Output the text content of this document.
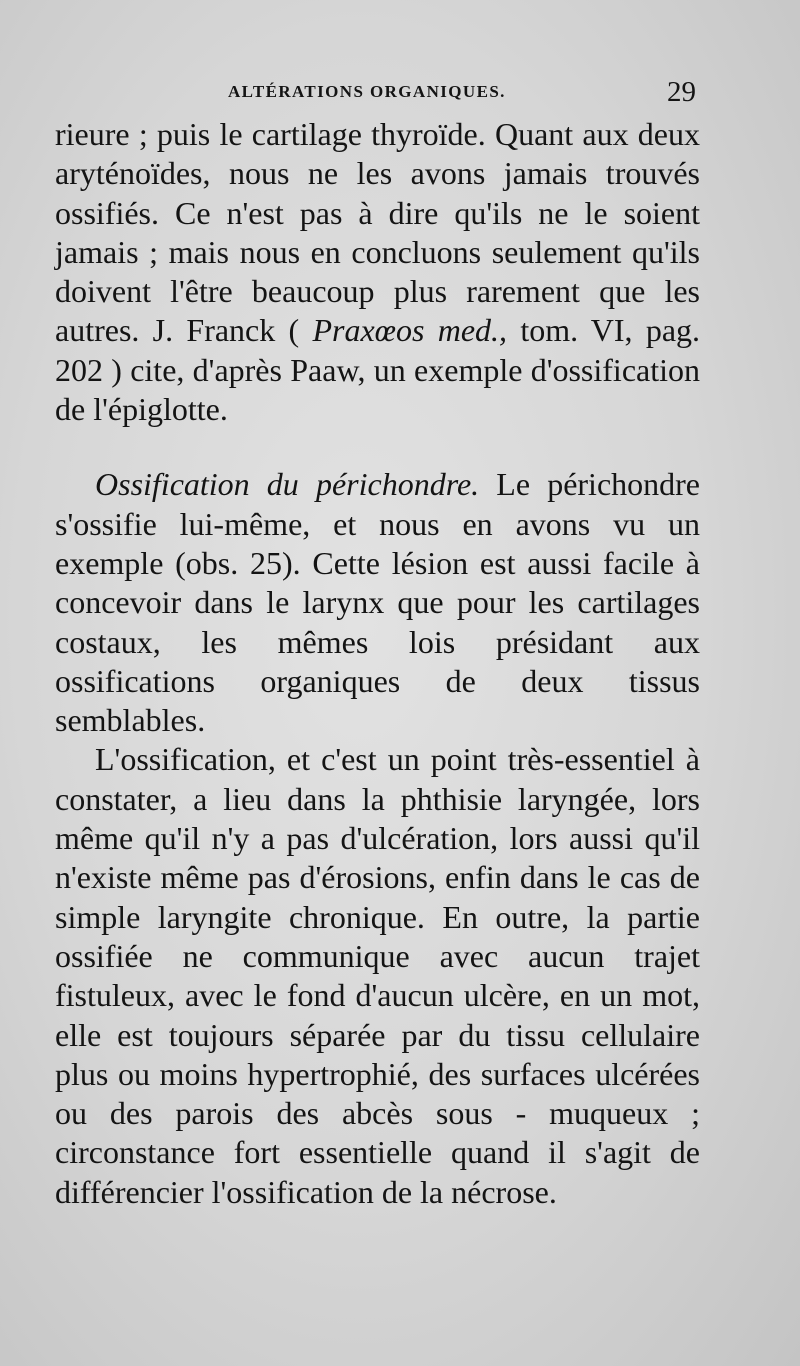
ALTÉRATIONS ORGANIQUES.	29

rieure ; puis le cartilage thyroïde. Quant aux deux aryténoïdes, nous ne les avons jamais trouvés ossifiés. Ce n'est pas à dire qu'ils ne le soient jamais ; mais nous en concluons seulement qu'ils doivent l'être beaucoup plus rarement que les autres. J. Franck ( Praxœos med., tom. VI, pag. 202 ) cite, d'après Paaw, un exemple d'ossification de l'épiglotte.

Ossification du périchondre. Le périchondre s'ossifie lui-même, et nous en avons vu un exemple (obs. 25). Cette lésion est aussi facile à concevoir dans le larynx que pour les cartilages costaux, les mêmes lois présidant aux ossifications organiques de deux tissus semblables.

L'ossification, et c'est un point très-essentiel à constater, a lieu dans la phthisie laryngée, lors même qu'il n'y a pas d'ulcération, lors aussi qu'il n'existe même pas d'érosions, enfin dans le cas de simple laryngite chronique. En outre, la partie ossifiée ne communique avec aucun trajet fistuleux, avec le fond d'aucun ulcère, en un mot, elle est toujours séparée par du tissu cellulaire plus ou moins hypertrophié, des surfaces ulcérées ou des parois des abcès sous - muqueux ; circonstance fort essentielle quand il s'agit de différencier l'ossification de la nécrose.
